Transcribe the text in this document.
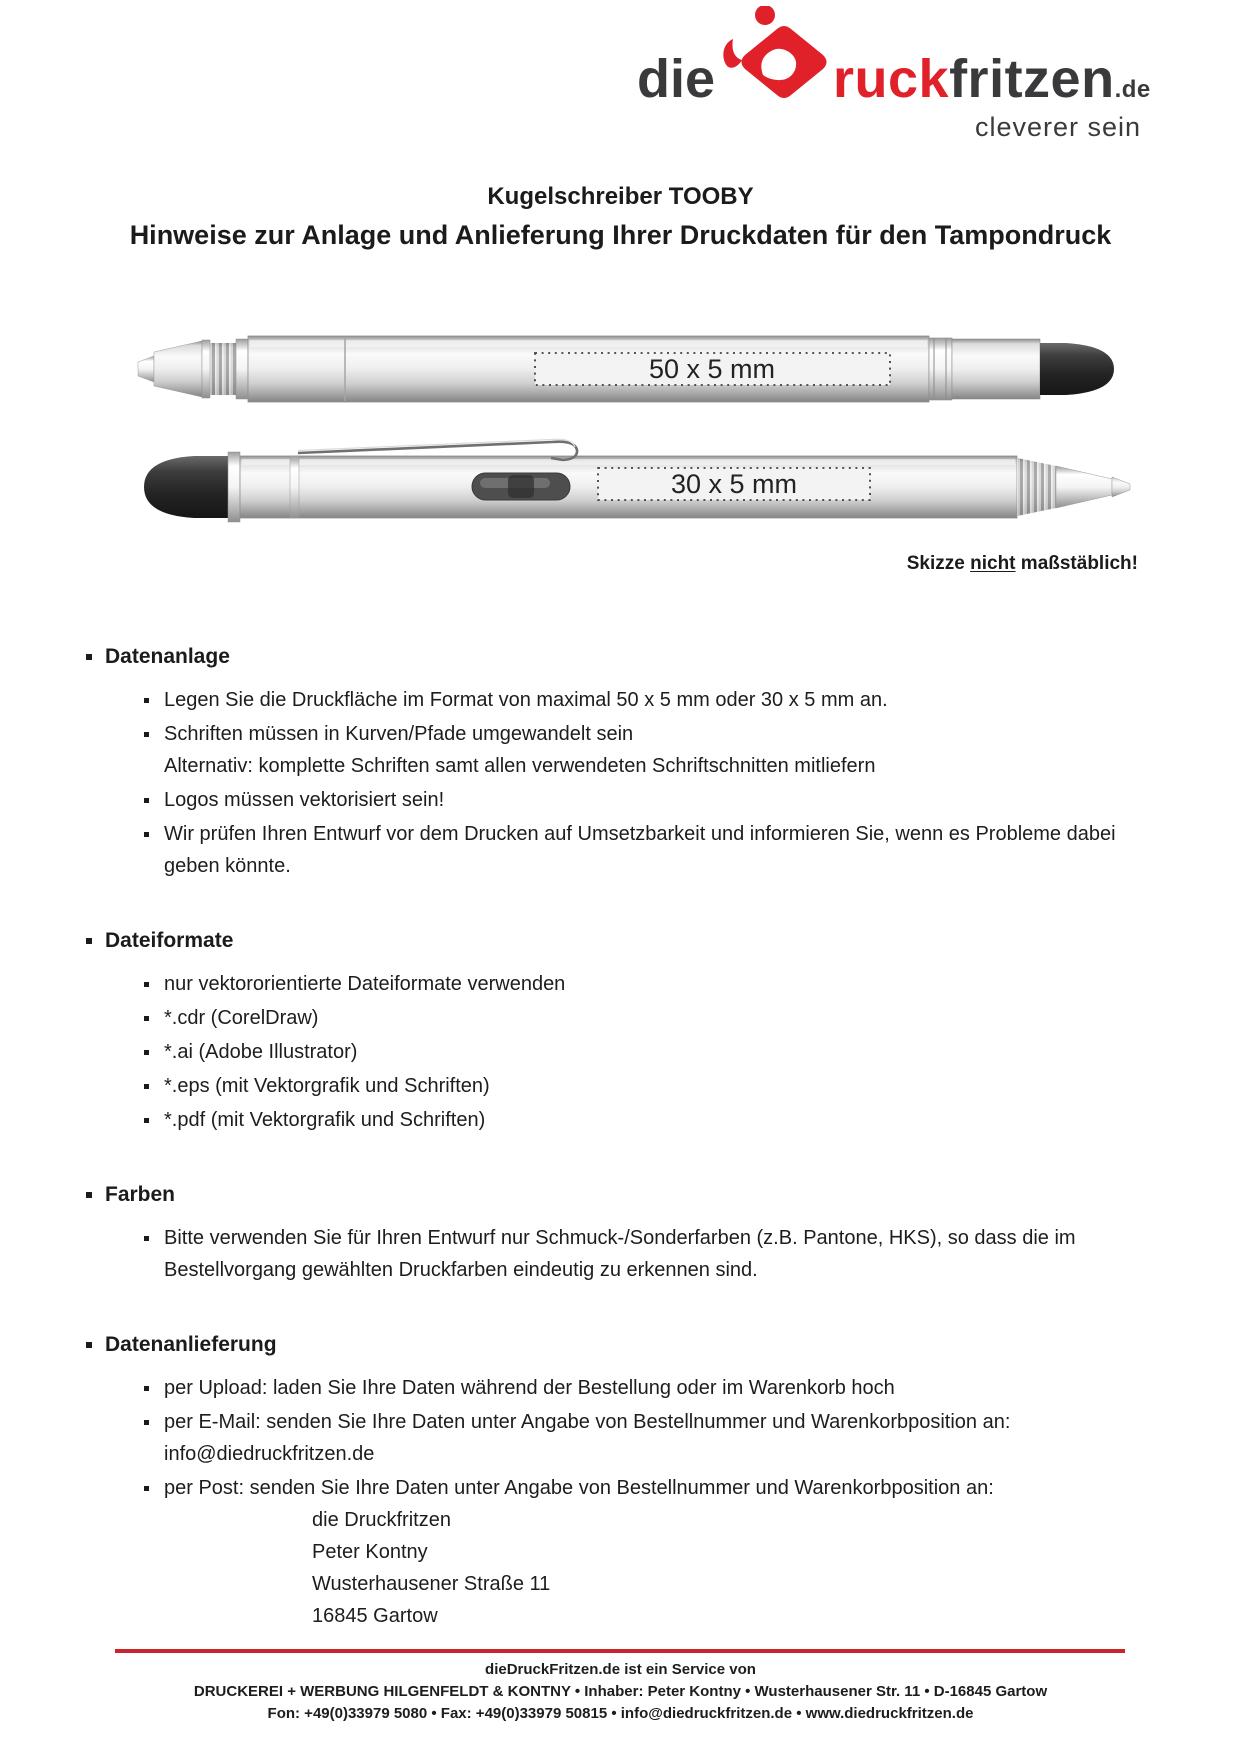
die ruckfritzen.de
cleverer sein
Kugelschreiber TOOBY
Hinweise zur Anlage und Anlieferung Ihrer Druckdaten für den Tampondruck
50 x 5 mm
30 x 5 mm
Skizze nicht maßstäblich!
Datenanlage
Legen Sie die Druckfläche im Format von maximal 50 x 5 mm oder 30 x 5 mm an.
Schriften müssen in Kurven/Pfade umgewandelt sein
Alternativ: komplette Schriften samt allen verwendeten Schriftschnitten mitliefern
Logos müssen vektorisiert sein!
Wir prüfen Ihren Entwurf vor dem Drucken auf Umsetzbarkeit und informieren Sie, wenn es Probleme dabei geben könnte.
Dateiformate
nur vektororientierte Dateiformate verwenden
*.cdr (CorelDraw)
*.ai (Adobe Illustrator)
*.eps (mit Vektorgrafik und Schriften)
*.pdf (mit Vektorgrafik und Schriften)
Farben
Bitte verwenden Sie für Ihren Entwurf nur Schmuck-/Sonderfarben (z.B. Pantone, HKS), so dass die im Bestellvorgang gewählten Druckfarben eindeutig zu erkennen sind.
Datenanlieferung
per Upload: laden Sie Ihre Daten während der Bestellung oder im Warenkorb hoch
per E-Mail: senden Sie Ihre Daten unter Angabe von Bestellnummer und Warenkorbposition an:
info@diedruckfritzen.de
per Post: senden Sie Ihre Daten unter Angabe von Bestellnummer und Warenkorbposition an:
die Druckfritzen
Peter Kontny
Wusterhausener Straße 11
16845 Gartow
dieDruckFritzen.de ist ein Service von
DRUCKEREI + WERBUNG HILGENFELDT & KONTNY • Inhaber: Peter Kontny • Wusterhausener Str. 11 • D-16845 Gartow
Fon: +49(0)33979 5080 • Fax: +49(0)33979 50815 • info@diedruckfritzen.de • www.diedruckfritzen.de
